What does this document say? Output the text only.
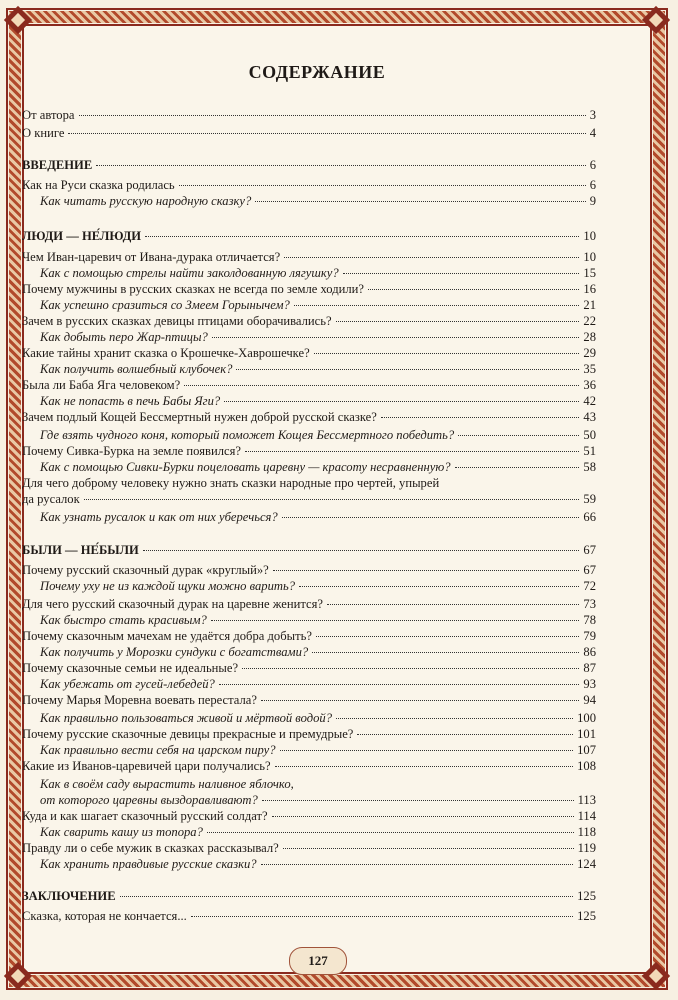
СОДЕРЖАНИЕ
От автора	3
О книге	4
ВВЕДЕНИЕ	6
Как на Руси сказка родилась	6
Как читать русскую народную сказку?	9
ЛЮДИ — НЕ́ЛЮДИ	10
Чем Иван-царевич от Ивана-дурака отличается?	10
Как с помощью стрелы найти заколдованную лягушку?	15
Почему мужчины в русских сказках не всегда по земле ходили?	16
Как успешно сразиться со Змеем Горынычем?	21
Зачем в русских сказках девицы птицами оборачивались?	22
Как добыть перо Жар-птицы?	28
Какие тайны хранит сказка о Крошечке-Хаврошечке?	29
Как получить волшебный клубочек?	35
Была ли Баба Яга человеком?	36
Как не попасть в печь Бабы Яги?	42
Зачем подлый Кощей Бессмертный нужен доброй русской сказке?	43
Где взять чудного коня, который поможет Кощея Бессмертного победить?	50
Почему Сивка-Бурка на земле появился?	51
Как с помощью Сивки-Бурки поцеловать царевну — красоту несравненную?	58
Для чего доброму человеку нужно знать сказки народные про чертей, упырей
да русалок	59
Как узнать русалок и как от них уберечься?	66
БЫЛИ — НЕ́БЫЛИ	67
Почему русский сказочный дурак «круглый»?	67
Почему уху не из каждой щуки можно варить?	72
Для чего русский сказочный дурак на царевне женится?	73
Как быстро стать красивым?	78
Почему сказочным мачехам не удаётся добра добыть?	79
Как получить у Морозки сундуки с богатствами?	86
Почему сказочные семьи не идеальные?	87
Как убежать от гусей-лебедей?	93
Почему Марья Моревна воевать перестала?	94
Как правильно пользоваться живой и мёртвой водой?	100
Почему русские сказочные девицы прекрасные и премудрые?	101
Как правильно вести себя на царском пиру?	107
Какие из Иванов-царевичей цари получались?	108
Как в своём саду вырастить наливное яблочко,
от которого царевны выздоравливают?	113
Куда и как шагает сказочный русский солдат?	114
Как сварить кашу из топора?	118
Правду ли о себе мужик в сказках рассказывал?	119
Как хранить правдивые русские сказки?	124
ЗАКЛЮЧЕНИЕ	125
Сказка, которая не кончается...	125
127
